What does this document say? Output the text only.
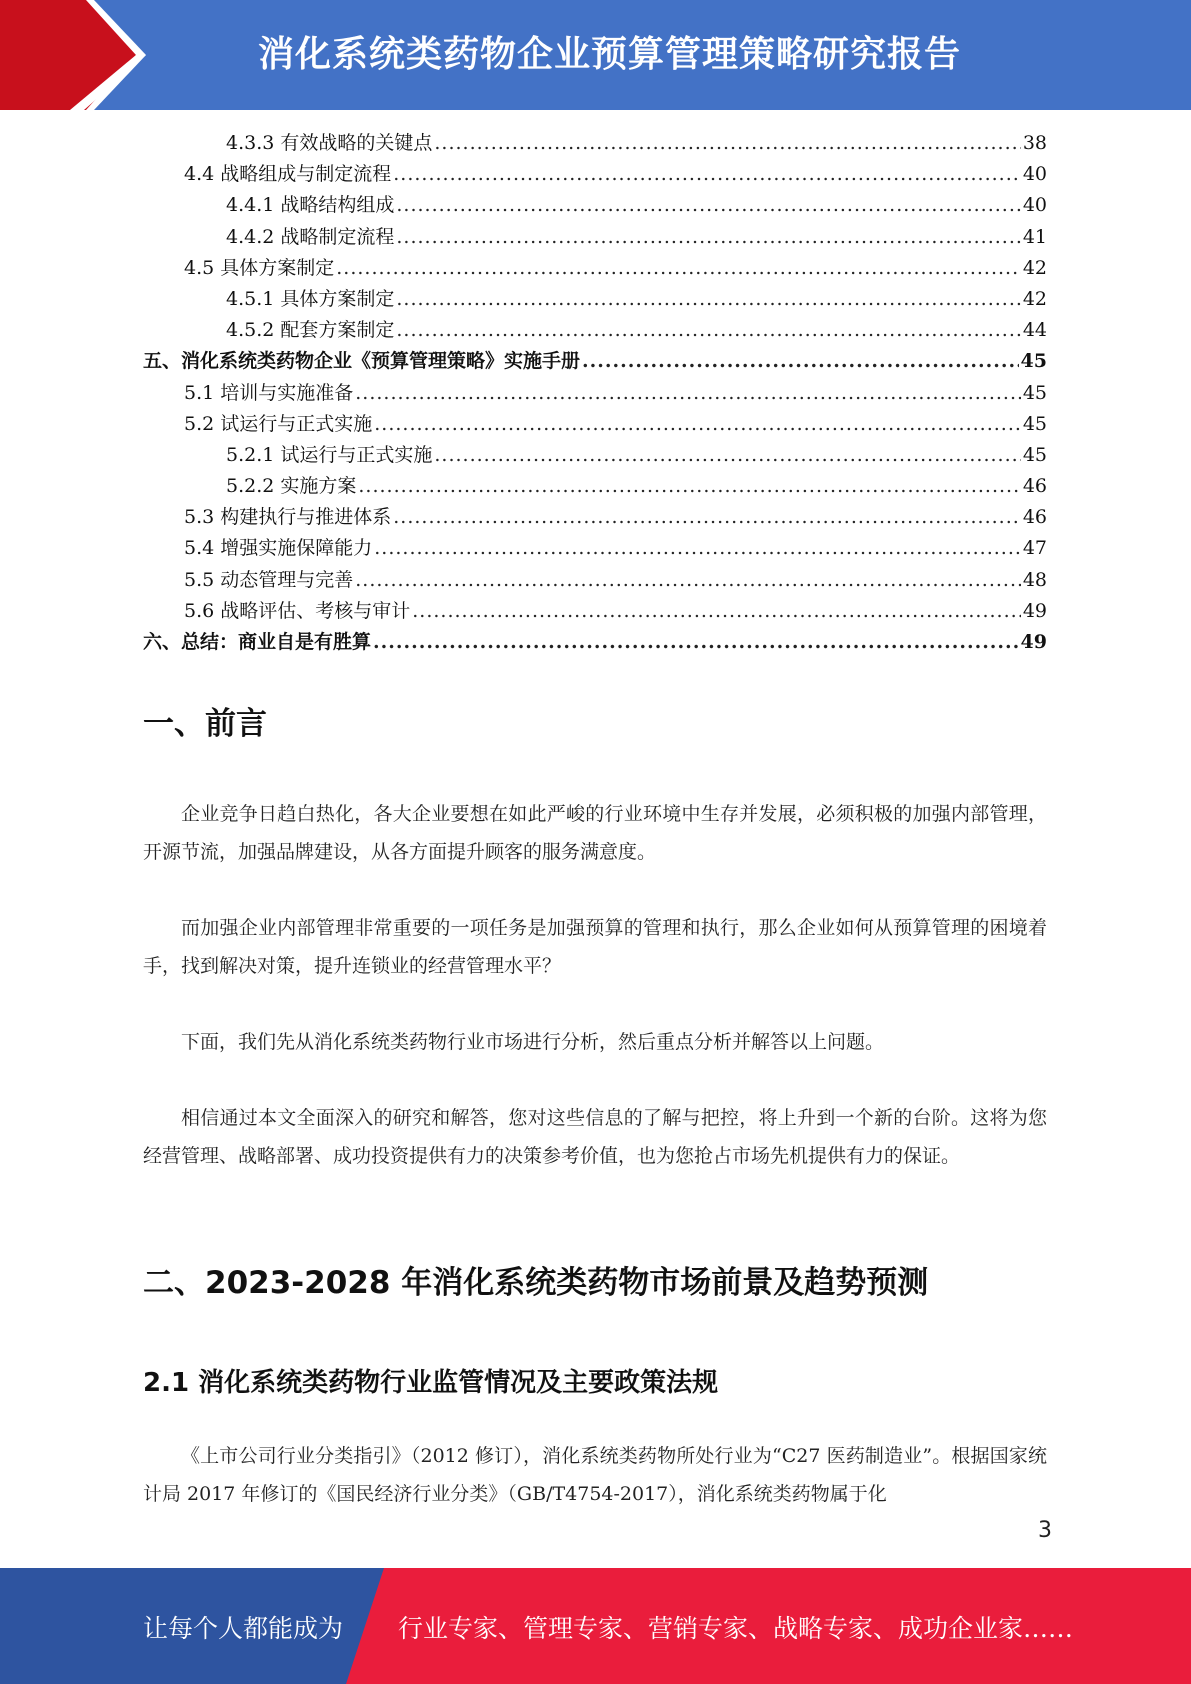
消化系统类药物企业预算管理策略研究报告
4.3.3 有效战略的关键点 .....	38
4.4 战略组成与制定流程 .....	40
4.4.1 战略结构组成 .....	40
4.4.2 战略制定流程 .....	41
4.5 具体方案制定 .....	42
4.5.1 具体方案制定 .....	42
4.5.2 配套方案制定 .....	44
五、消化系统类药物企业《预算管理策略》实施手册 .....	45
5.1 培训与实施准备 .....	45
5.2 试运行与正式实施 .....	45
5.2.1 试运行与正式实施 .....	45
5.2.2 实施方案 .....	46
5.3 构建执行与推进体系 .....	46
5.4 增强实施保障能力 .....	47
5.5 动态管理与完善 .....	48
5.6 战略评估、考核与审计 .....	49
六、总结：商业自是有胜算 .....	49
一、前言
企业竞争日趋白热化，各大企业要想在如此严峻的行业环境中生存并发展，必须积极的加强内部管理，开源节流，加强品牌建设，从各方面提升顾客的服务满意度。
而加强企业内部管理非常重要的一项任务是加强预算的管理和执行，那么企业如何从预算管理的困境着手，找到解决对策，提升连锁业的经营管理水平？
下面，我们先从消化系统类药物行业市场进行分析，然后重点分析并解答以上问题。
相信通过本文全面深入的研究和解答，您对这些信息的了解与把控，将上升到一个新的台阶。这将为您经营管理、战略部署、成功投资提供有力的决策参考价值，也为您抢占市场先机提供有力的保证。
二、2023-2028 年消化系统类药物市场前景及趋势预测
2.1 消化系统类药物行业监管情况及主要政策法规
《上市公司行业分类指引》（2012 修订），消化系统类药物所处行业为“C27 医药制造业”。根据国家统计局 2017 年修订的《国民经济行业分类》（GB/T4754-2017），消化系统类药物属于化
3
让每个人都能成为 行业专家、管理专家、营销专家、战略专家、成功企业家……
